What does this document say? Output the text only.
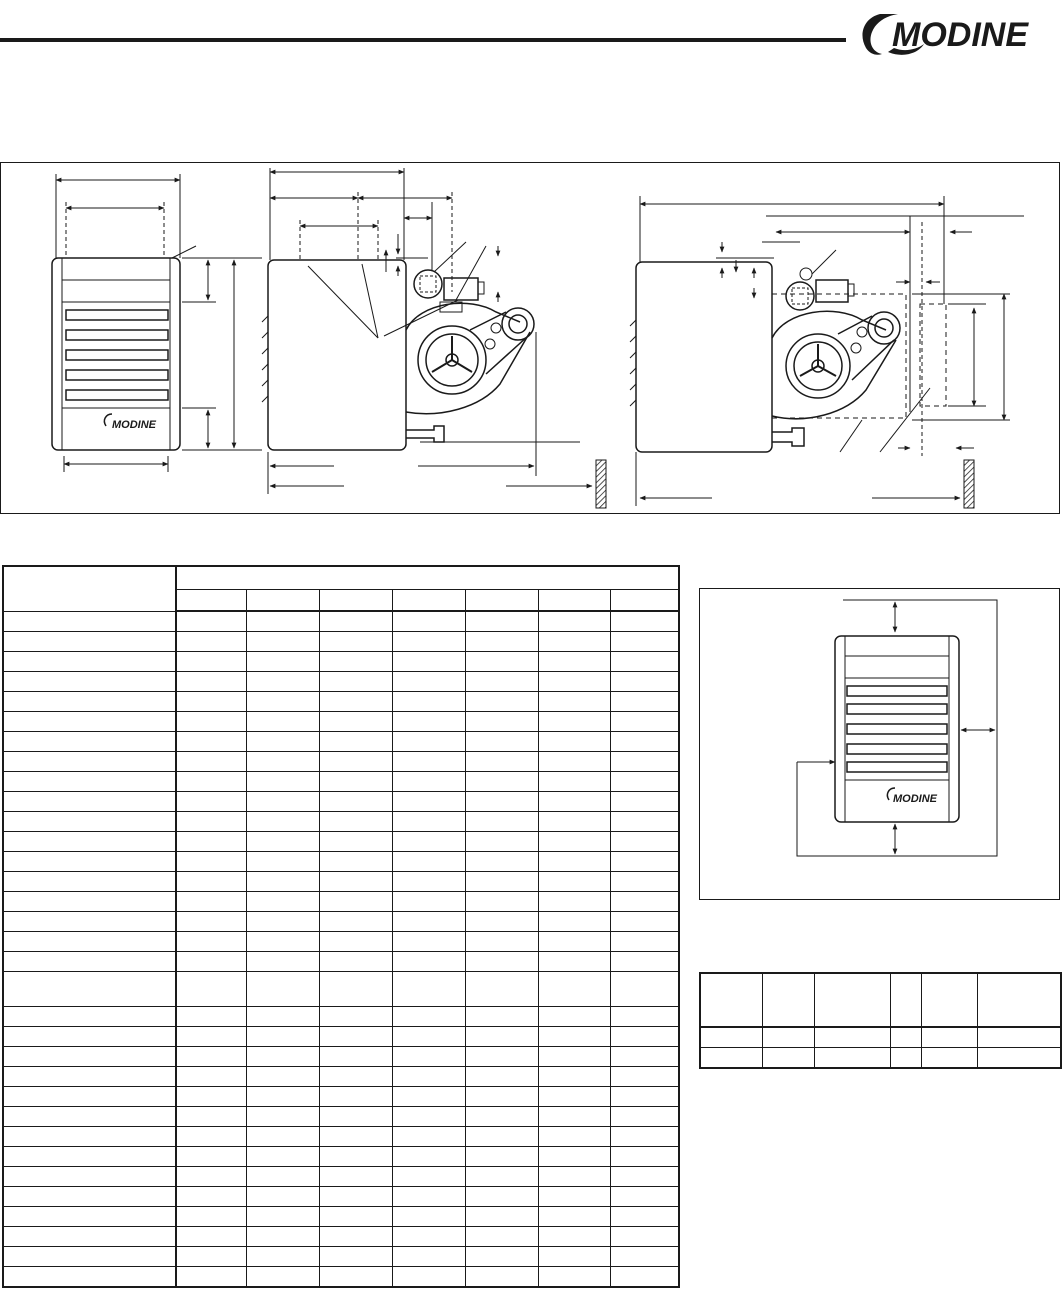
MODINE
MODINE

MODINE
